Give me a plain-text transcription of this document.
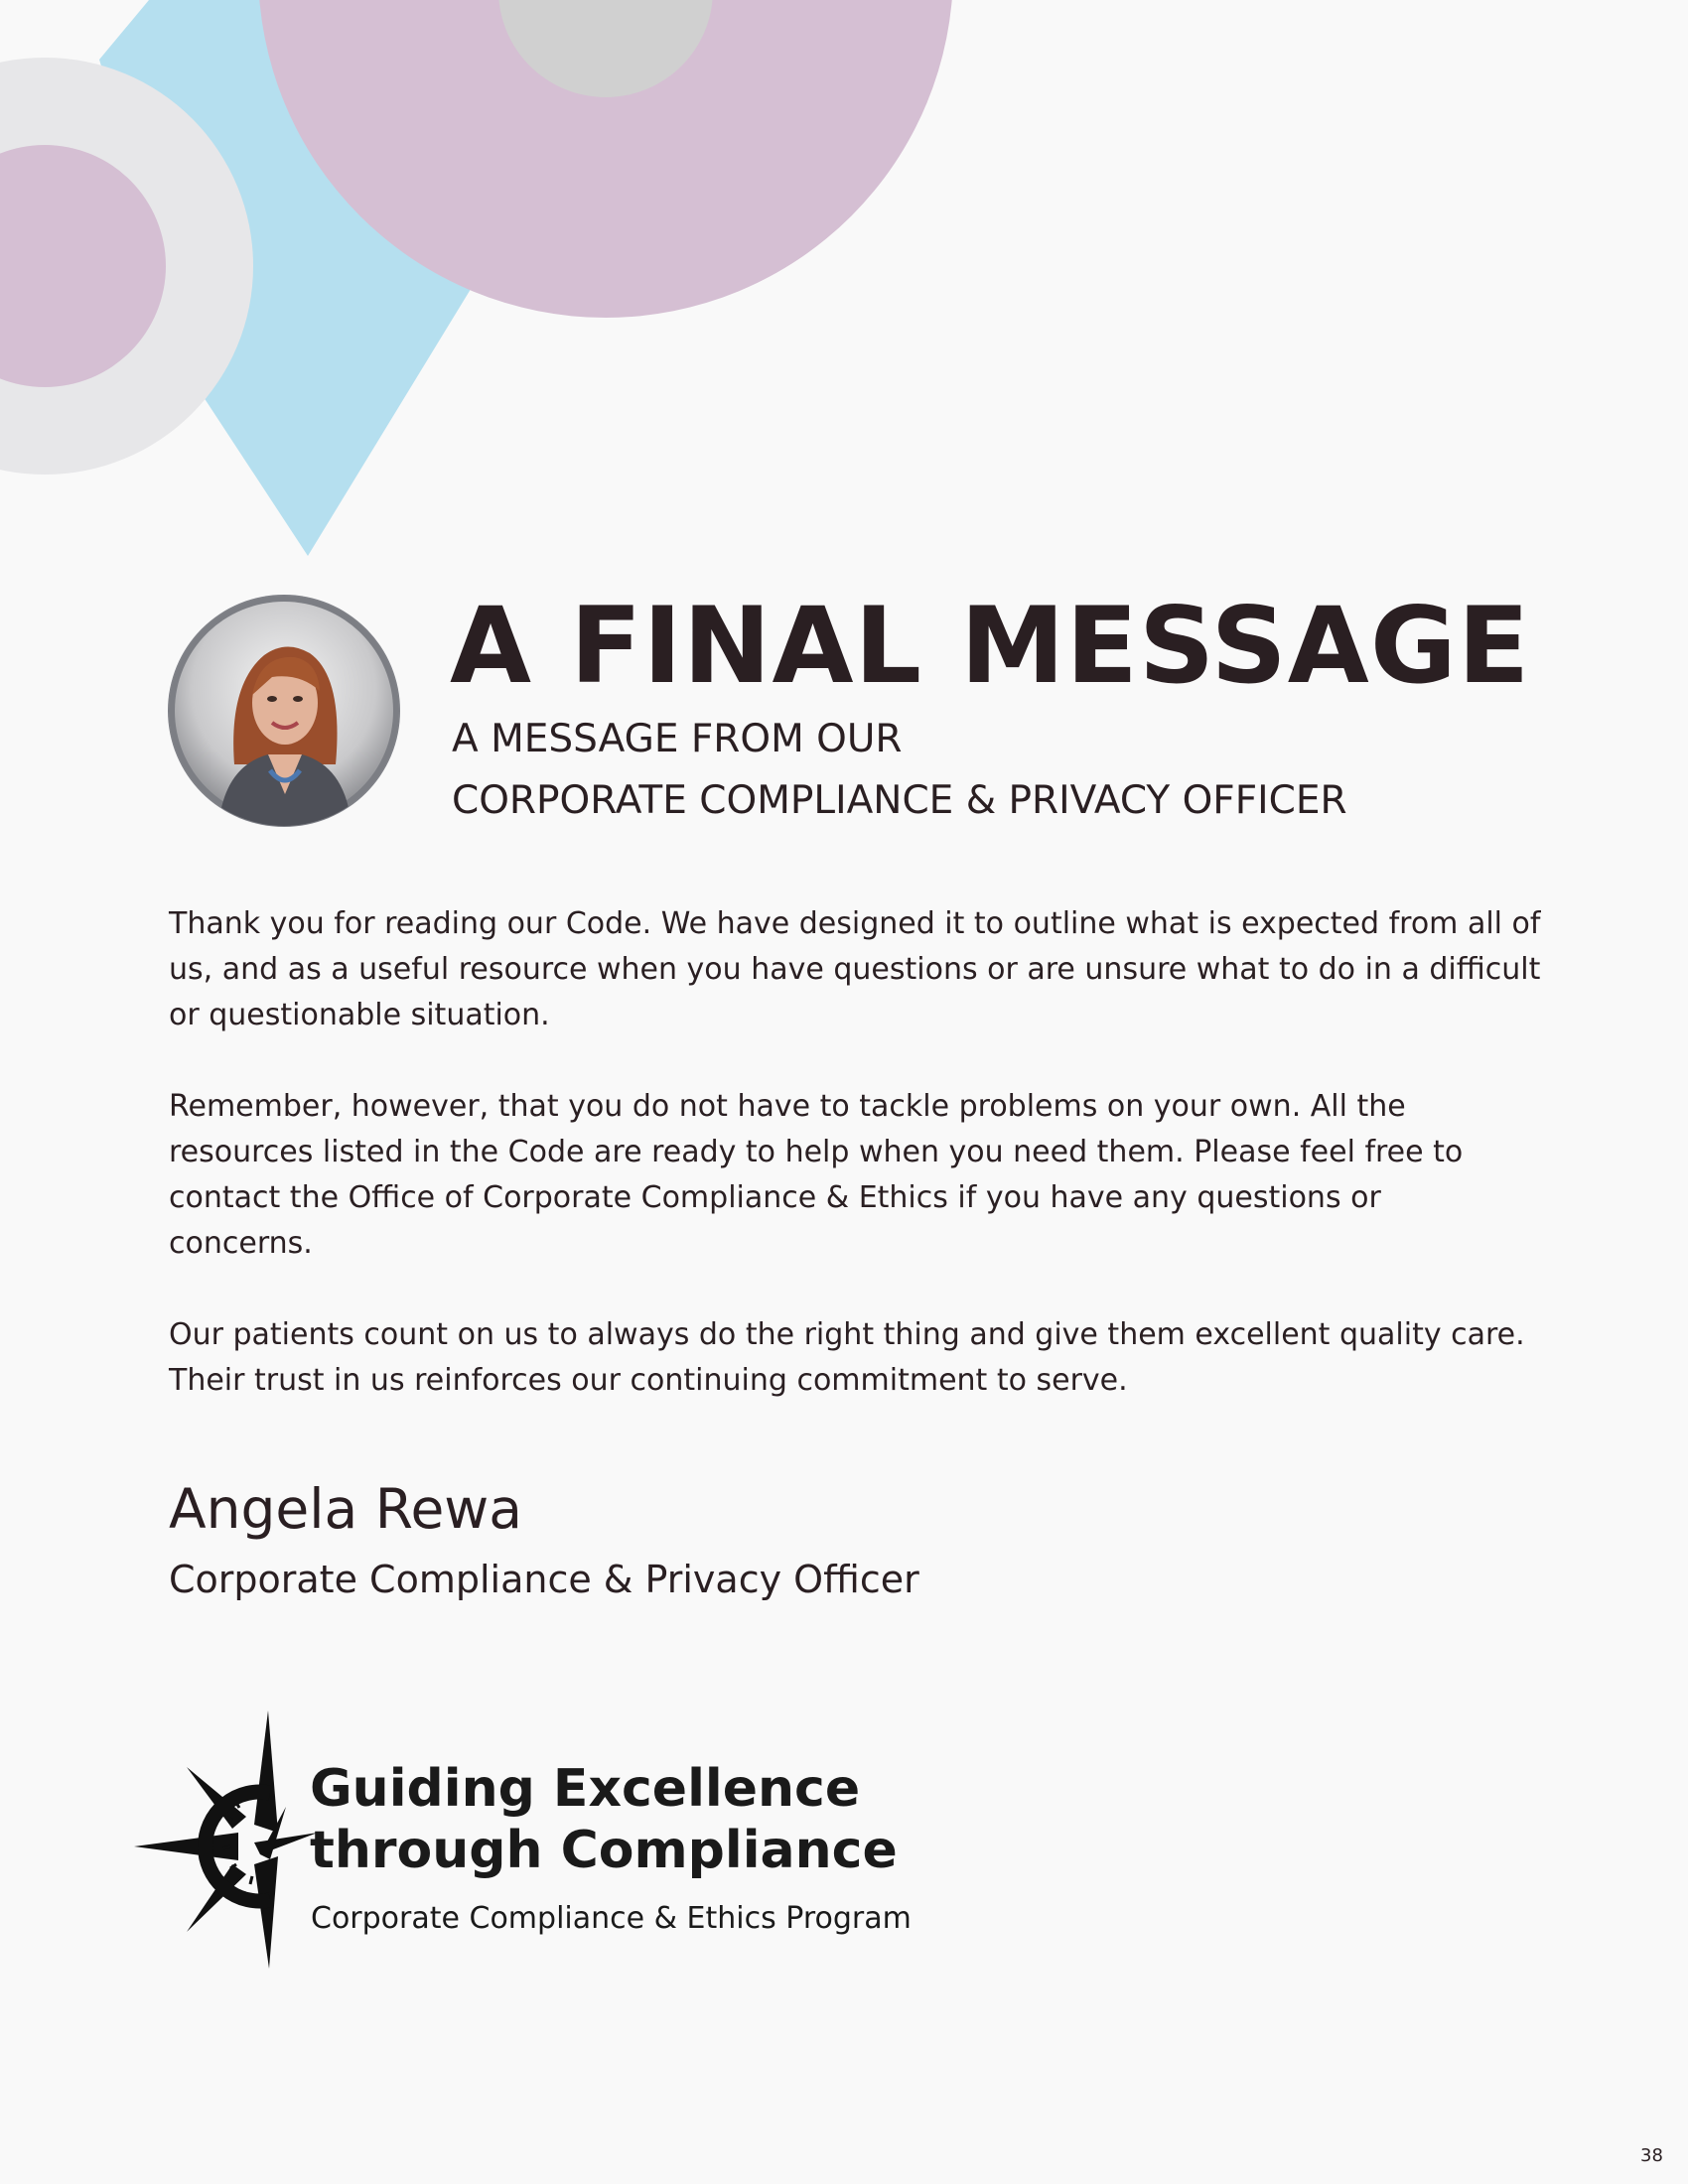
A FINAL MESSAGE
A MESSAGE FROM OUR
CORPORATE COMPLIANCE & PRIVACY OFFICER

Thank you for reading our Code. We have designed it to outline what is expected from all of
us, and as a useful resource when you have questions or are unsure what to do in a difficult
or questionable situation.

Remember, however, that you do not have to tackle problems on your own. All the
resources listed in the Code are ready to help when you need them. Please feel free to
contact the Office of Corporate Compliance & Ethics if you have any questions or
concerns.

Our patients count on us to always do the right thing and give them excellent quality care.
Their trust in us reinforces our continuing commitment to serve.

Angela Rewa

Corporate Compliance & Privacy Officer

Guiding Excellence

through Compliance

Corporate Compliance & Ethics Program

38
